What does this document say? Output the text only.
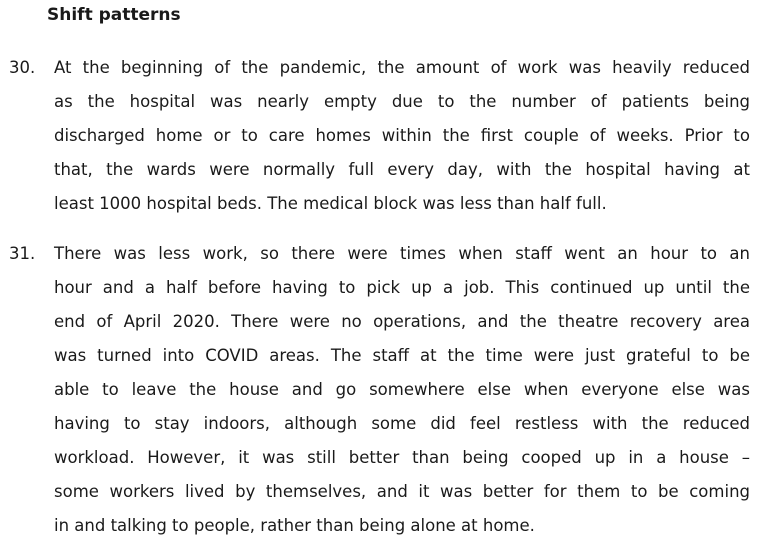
Shift patterns
30. At the beginning of the pandemic, the amount of work was heavily reduced
as the hospital was nearly empty due to the number of patients being
discharged home or to care homes within the first couple of weeks. Prior to
that, the wards were normally full every day, with the hospital having at
least 1000 hospital beds. The medical block was less than half full.
31. There was less work, so there were times when staff went an hour to an
hour and a half before having to pick up a job. This continued up until the
end of April 2020. There were no operations, and the theatre recovery area
was turned into COVID areas. The staff at the time were just grateful to be
able to leave the house and go somewhere else when everyone else was
having to stay indoors, although some did feel restless with the reduced
workload. However, it was still better than being cooped up in a house –
some workers lived by themselves, and it was better for them to be coming
in and talking to people, rather than being alone at home.
